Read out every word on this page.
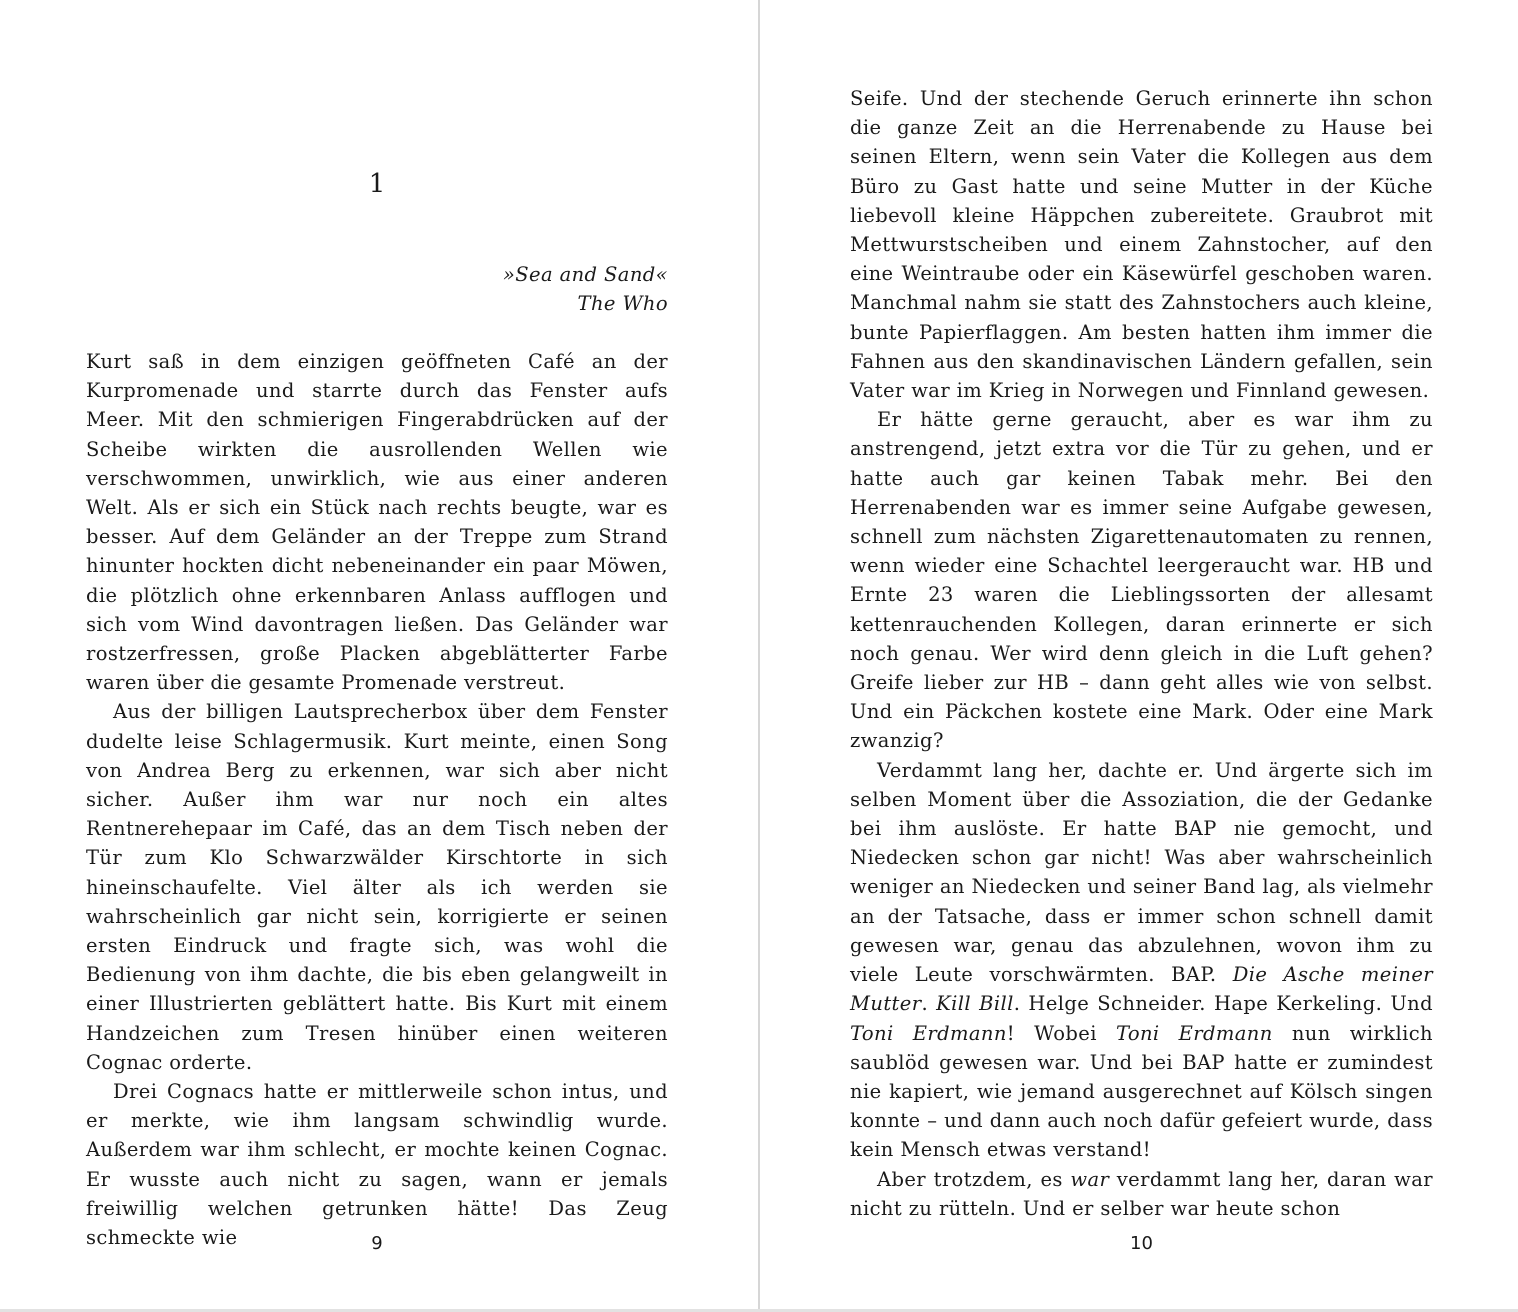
1
»Sea and Sand«
The Who

Kurt saß in dem einzigen geöffneten Café an der Kurpromenade und starrte durch das Fenster aufs Meer. Mit den schmierigen Fingerabdrücken auf der Scheibe wirkten die ausrollenden Wellen wie verschwommen, unwirklich, wie aus einer anderen Welt. Als er sich ein Stück nach rechts beugte, war es besser. Auf dem Geländer an der Treppe zum Strand hinunter hockten dicht nebeneinander ein paar Möwen, die plötzlich ohne erkennbaren Anlass aufflogen und sich vom Wind davontragen ließen. Das Geländer war rostzerfressen, große Placken abgeblätterter Farbe waren über die gesamte Promenade verstreut.

Aus der billigen Lautsprecherbox über dem Fenster dudelte leise Schlagermusik. Kurt meinte, einen Song von Andrea Berg zu erkennen, war sich aber nicht sicher. Außer ihm war nur noch ein altes Rentnerehepaar im Café, das an dem Tisch neben der Tür zum Klo Schwarzwälder Kirschtorte in sich hineinschaufelte. Viel älter als ich werden sie wahrscheinlich gar nicht sein, korrigierte er seinen ersten Eindruck und fragte sich, was wohl die Bedienung von ihm dachte, die bis eben gelangweilt in einer Illustrierten geblättert hatte. Bis Kurt mit einem Handzeichen zum Tresen hinüber einen weiteren Cognac orderte.

Drei Cognacs hatte er mittlerweile schon intus, und er merkte, wie ihm langsam schwindlig wurde. Außerdem war ihm schlecht, er mochte keinen Cognac. Er wusste auch nicht zu sagen, wann er jemals freiwillig welchen getrunken hätte! Das Zeug schmeckte wie	9

Seife. Und der stechende Geruch erinnerte ihn schon die ganze Zeit an die Herrenabende zu Hause bei seinen Eltern, wenn sein Vater die Kollegen aus dem Büro zu Gast hatte und seine Mutter in der Küche liebevoll kleine Häppchen zubereitete. Graubrot mit Mettwurstscheiben und einem Zahnstocher, auf den eine Weintraube oder ein Käsewürfel geschoben waren. Manchmal nahm sie statt des Zahnstochers auch kleine, bunte Papierflaggen. Am besten hatten ihm immer die Fahnen aus den skandinavischen Ländern gefallen, sein Vater war im Krieg in Norwegen und Finnland gewesen.

Er hätte gerne geraucht, aber es war ihm zu anstrengend, jetzt extra vor die Tür zu gehen, und er hatte auch gar keinen Tabak mehr. Bei den Herrenabenden war es immer seine Aufgabe gewesen, schnell zum nächsten Zigarettenautomaten zu rennen, wenn wieder eine Schachtel leergeraucht war. HB und Ernte 23 waren die Lieblingssorten der allesamt kettenrauchenden Kollegen, daran erinnerte er sich noch genau. Wer wird denn gleich in die Luft gehen? Greife lieber zur HB – dann geht alles wie von selbst. Und ein Päckchen kostete eine Mark. Oder eine Mark zwanzig?

Verdammt lang her, dachte er. Und ärgerte sich im selben Moment über die Assoziation, die der Gedanke bei ihm auslöste. Er hatte BAP nie gemocht, und Niedecken schon gar nicht! Was aber wahrscheinlich weniger an Niedecken und seiner Band lag, als vielmehr an der Tatsache, dass er immer schon schnell damit gewesen war, genau das abzulehnen, wovon ihm zu viele Leute vorschwärmten. BAP. Die Asche meiner Mutter. Kill Bill. Helge Schneider. Hape Kerkeling. Und Toni Erdmann! Wobei Toni Erdmann nun wirklich saublöd gewesen war. Und bei BAP hatte er zumindest nie kapiert, wie jemand ausgerechnet auf Kölsch singen konnte – und dann auch noch dafür gefeiert wurde, dass kein Mensch etwas verstand!

Aber trotzdem, es war verdammt lang her, daran war nicht zu rütteln. Und er selber war heute schon

10
